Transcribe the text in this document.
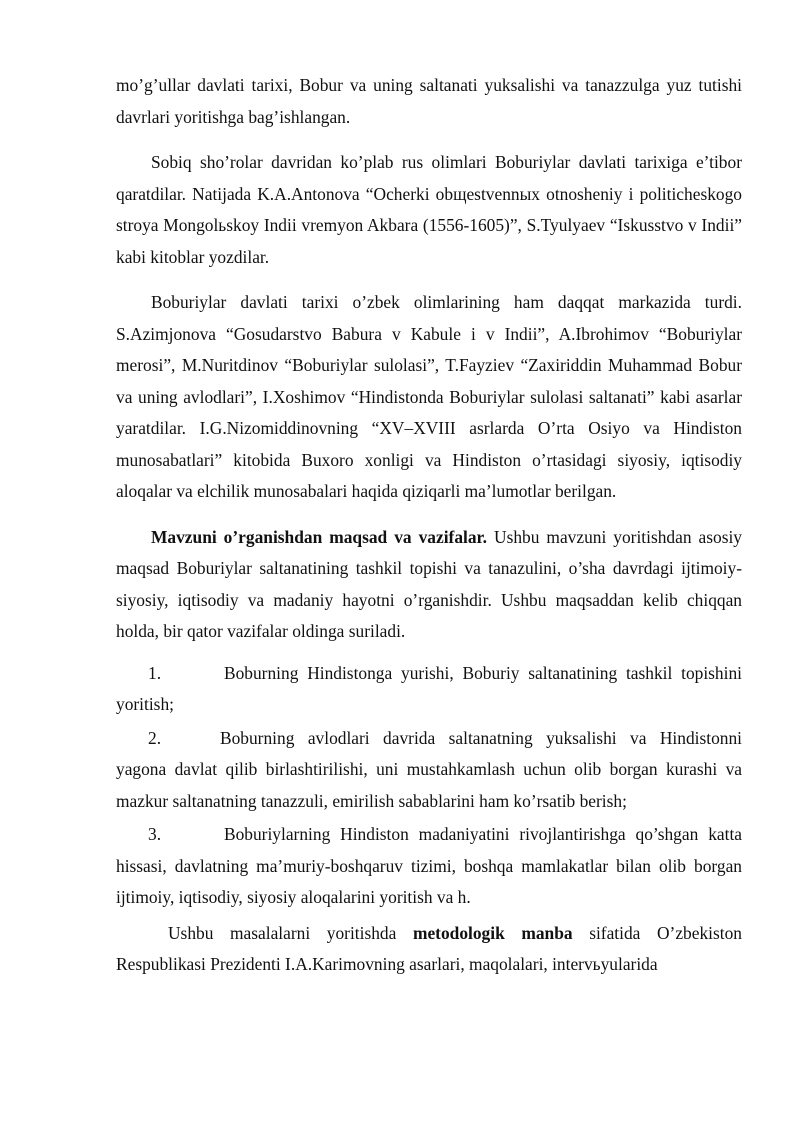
mo’g’ullar davlati tarixi, Bobur va uning saltanati yuksalishi va tanazzulga yuz tutishi davrlari yoritishga bag’ishlangan.

Sobiq sho’rolar davridan ko’plab rus olimlari Boburiylar davlati tarixiga e’tibor qaratdilar. Natijada K.A.Antonova “Ocherki obщestvennыx otnosheniy i politicheskogo stroya Mongolьskoy Indii vremyon Akbara (1556-1605)”, S.Tyulyaev “Iskusstvo v Indii” kabi kitoblar yozdilar.

Boburiylar davlati tarixi o’zbek olimlarining ham daqqat markazida turdi. S.Azimjonova “Gosudarstvo Babura v Kabule i v Indii”, A.Ibrohimov “Boburiylar merosi”, M.Nuritdinov “Boburiylar sulolasi”, T.Fayziev “Zaxiriddin Muhammad Bobur va uning avlodlari”, I.Xoshimov “Hindistonda Boburiylar sulolasi saltanati” kabi asarlar yaratdilar. I.G.Nizomiddinovning “XV–XVIII asrlarda O’rta Osiyo va Hindiston munosabatlari” kitobida Buxoro xonligi va Hindiston o’rtasidagi siyosiy, iqtisodiy aloqalar va elchilik munosabalari haqida qiziqarli ma’lumotlar berilgan.

Mavzuni o’rganishdan maqsad va vazifalar. Ushbu mavzuni yoritishdan asosiy maqsad Boburiylar saltanatining tashkil topishi va tanazulini, o’sha davrdagi ijtimoiy-siyosiy, iqtisodiy va madaniy hayotni o’rganishdir. Ushbu maqsaddan kelib chiqqan holda, bir qator vazifalar oldinga suriladi.

1.	Boburning Hindistonga yurishi, Boburiy saltanatining tashkil topishini yoritish;

2.	Boburning avlodlari davrida saltanatning yuksalishi va Hindistonni yagona davlat qilib birlashtirilishi, uni mustahkamlash uchun olib borgan kurashi va mazkur saltanatning tanazzuli, emirilish sabablarini ham ko’rsatib berish;

3.	Boburiylarning Hindiston madaniyatini rivojlantirishga qo’shgan katta hissasi, davlatning ma’muriy-boshqaruv tizimi, boshqa mamlakatlar bilan olib borgan ijtimoiy, iqtisodiy, siyosiy aloqalarini yoritish va h.

Ushbu masalalarni yoritishda metodologik manba sifatida O’zbekiston Respublikasi Prezidenti I.A.Karimovning asarlari, maqolalari, intervьyularida
